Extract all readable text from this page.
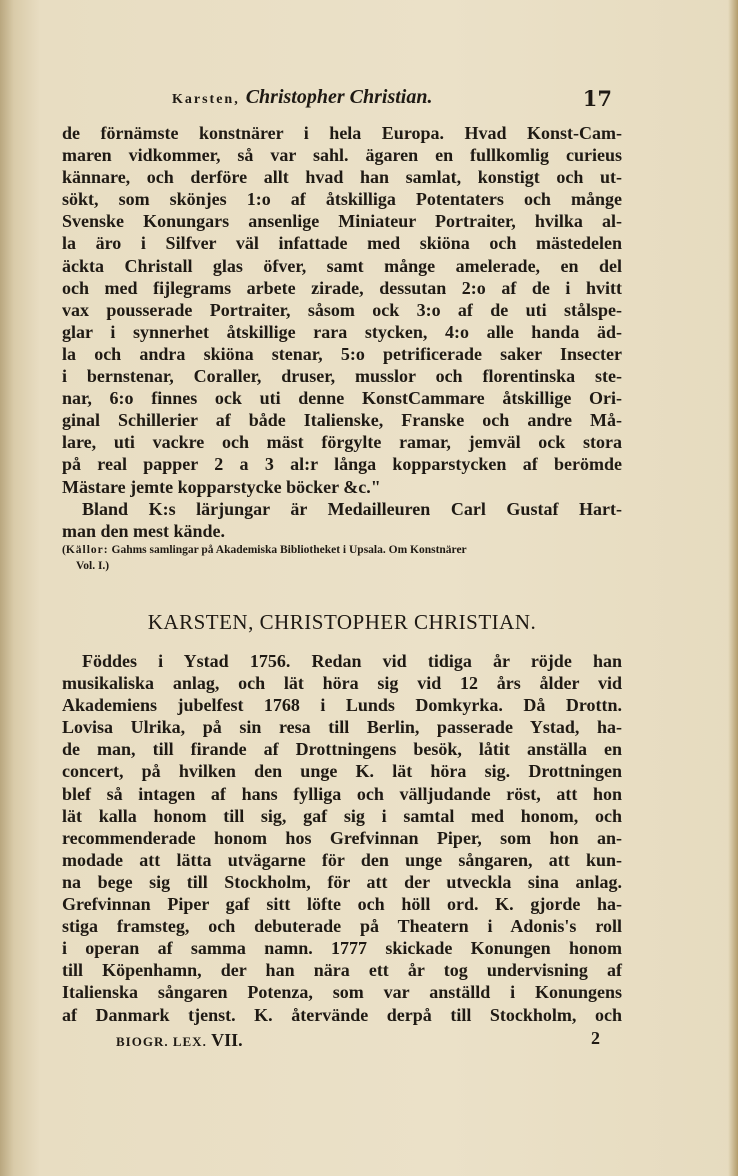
Karsten, Christopher Christian.	17
de förnämste konstnärer i hela Europa. Hvad Konst-Cam-
maren vidkommer, så var sahl. ägaren en fullkomlig curieus
kännare, och derföre allt hvad han samlat, konstigt och ut-
sökt, som skönjes 1:o af åtskilliga Potentaters och månge
Svenske Konungars ansenlige Miniateur Portraiter, hvilka al-
la äro i Silfver väl infattade med skiöna och mästedelen
äckta Christall glas öfver, samt månge amelerade, en del
och med fijlegrams arbete zirade, dessutan 2:o af de i hvitt
vax pousserade Portraiter, såsom ock 3:o af de uti stålspe-
glar i synnerhet åtskillige rara stycken, 4:o alle handa äd-
la och andra skiöna stenar, 5:o petrificerade saker Insecter
i bernstenar, Coraller, druser, musslor och florentinska ste-
nar, 6:o finnes ock uti denne KonstCammare åtskillige Ori-
ginal Schillerier af både Italienske, Franske och andre Må-
lare, uti vackre och mäst förgylte ramar, jemväl ock stora
på real papper 2 a 3 al:r långa kopparstycken af berömde
Mästare jemte kopparstycke böcker &c."
Bland K:s lärjungar är Medailleuren Carl Gustaf Hart-
man den mest kände.
(Källor: Gahms samlingar på Akademiska Bibliotheket i Upsala. Om Konstnärer
Vol. I.)
KARSTEN, CHRISTOPHER CHRISTIAN.
Föddes i Ystad 1756. Redan vid tidiga år röjde han
musikaliska anlag, och lät höra sig vid 12 års ålder vid
Akademiens jubelfest 1768 i Lunds Domkyrka. Då Drottn.
Lovisa Ulrika, på sin resa till Berlin, passerade Ystad, ha-
de man, till firande af Drottningens besök, låtit anställa en
concert, på hvilken den unge K. lät höra sig. Drottningen
blef så intagen af hans fylliga och välljudande röst, att hon
lät kalla honom till sig, gaf sig i samtal med honom, och
recommenderade honom hos Grefvinnan Piper, som hon an-
modade att lätta utvägarne för den unge sångaren, att kun-
na bege sig till Stockholm, för att der utveckla sina anlag.
Grefvinnan Piper gaf sitt löfte och höll ord. K. gjorde ha-
stiga framsteg, och debuterade på Theatern i Adonis's roll
i operan af samma namn. 1777 skickade Konungen honom
till Köpenhamn, der han nära ett år tog undervisning af
Italienska sångaren Potenza, som var anställd i Konungens
af Danmark tjenst. K. återvände derpå till Stockholm, och
BIOGR. LEX. VII.	2
